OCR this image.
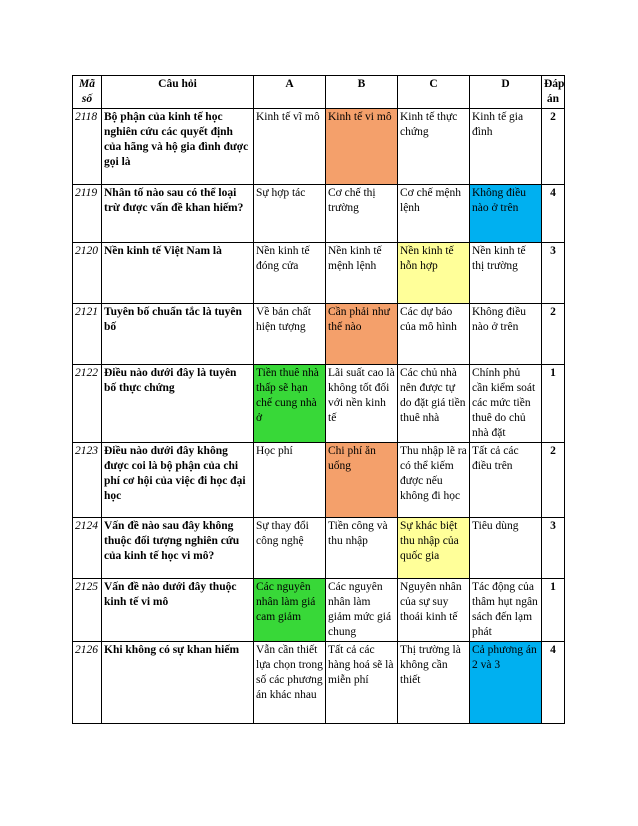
Mã số	Câu hỏi	A	B	C	D	Đáp án
2118	Bộ phận của kinh tế học nghiên cứu các quyết định của hãng và hộ gia đình được gọi là	Kinh tế vĩ mô	Kinh tế vi mô	Kinh tế thực chứng	Kinh tế gia đình	2
2119	Nhân tố nào sau có thể loại trừ được vấn đề khan hiếm?	Sự hợp tác	Cơ chế thị trường	Cơ chế mệnh lệnh	Không điều nào ở trên	4
2120	Nền kinh tế Việt Nam là	Nền kinh tế đóng cửa	Nền kinh tế mệnh lệnh	Nền kinh tế hỗn hợp	Nền kinh tế thị trường	3
2121	Tuyên bố chuẩn tắc là tuyên bố	Về bản chất hiện tượng	Cần phải như thế nào	Các dự báo của mô hình	Không điều nào ở trên	2
2122	Điều nào dưới đây là tuyên bố thực chứng	Tiền thuê nhà thấp sẽ hạn chế cung nhà ở	Lãi suất cao là không tốt đối với nền kinh tế	Các chủ nhà nên được tự do đặt giá tiền thuê nhà	Chính phủ cần kiểm soát các mức tiền thuê do chủ nhà đặt	1
2123	Điều nào dưới đây không được coi là bộ phận của chi phí cơ hội của việc đi học đại học	Học phí	Chi phí ăn uống	Thu nhập lẽ ra có thể kiếm được nếu không đi học	Tất cả các điều trên	2
2124	Vấn đề nào sau đây không thuộc đối tượng nghiên cứu của kinh tế học vi mô?	Sự thay đổi công nghệ	Tiền công và thu nhập	Sự khác biệt thu nhập của quốc gia	Tiêu dùng	3
2125	Vấn đề nào dưới đây thuộc kinh tế vi mô	Các nguyên nhân làm giá cam giảm	Các nguyên nhân làm giảm mức giá chung	Nguyên nhân của sự suy thoái kinh tế	Tác động của thâm hụt ngân sách đến lạm phát	1
2126	Khi không có sự khan hiếm	Vẫn cần thiết lựa chọn trong số các phương án khác nhau	Tất cả các hàng hoá sẽ là miễn phí	Thị trường là không cần thiết	Cả phương án 2 và 3	4
